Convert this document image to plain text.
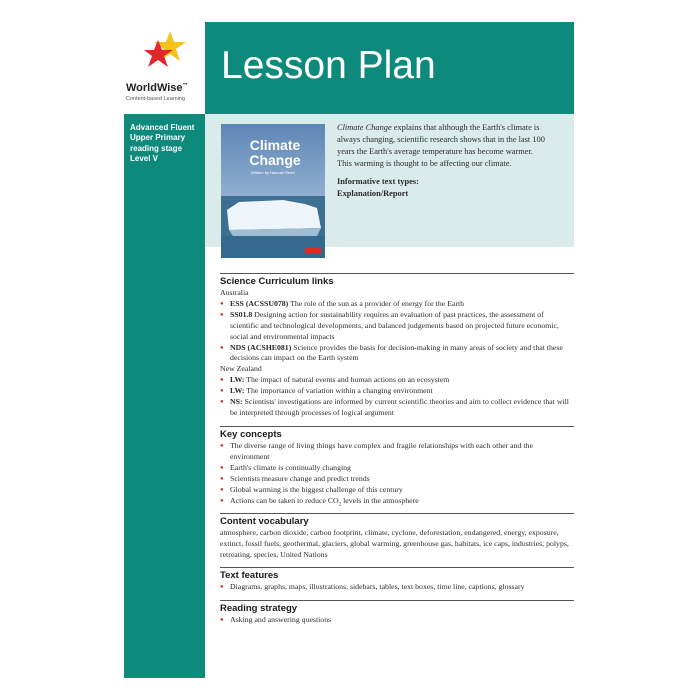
WorldWise™
Content-based Learning
Lesson Plan
Advanced Fluent
Upper Primary
reading stage
Level V
Climate Change
Written by Hannah Reed

Climate Change explains that although the Earth's climate is always changing, scientific research shows that in the last 100 years the Earth's average temperature has become warmer. This warming is thought to be affecting our climate.

Informative text types:
Explanation/Report

Science Curriculum links
Australia
● ESS (ACSSU078) The role of the sun as a provider of energy for the Earth
● SS01.8 Designing action for sustainability requires an evaluation of past practices, the assessment of scientific and technological developments, and balanced judgements based on projected future economic, social and environmental impacts
● NDS (ACSHE081) Science provides the basis for decision-making in many areas of society and that these decisions can impact on the Earth system
New Zealand
● LW: The impact of natural events and human actions on an ecosystem
● LW: The importance of variation within a changing environment
● NS: Scientists' investigations are informed by current scientific theories and aim to collect evidence that will be interpreted through processes of logical argument
Key concepts
● The diverse range of living things have complex and fragile relationships with each other and the environment
● Earth's climate is continually changing
● Scientists measure change and predict trends
● Global warming is the biggest challenge of this century
● Actions can be taken to reduce $CO_2$ levels in the atmosphere
Content vocabulary
atmosphere, carbon dioxide, carbon footprint, climate, cyclone, deforestation, endangered, energy, exposure, extinct, fossil fuels, geothermal, glaciers, global warming, greenhouse gas, habitats, ice caps, industries, polyps, retreating, species, United Nations
Text features
● Diagrams, graphs, maps, illustrations, sidebars, tables, text boxes, time line, captions, glossary
Reading strategy
● Asking and answering questions
